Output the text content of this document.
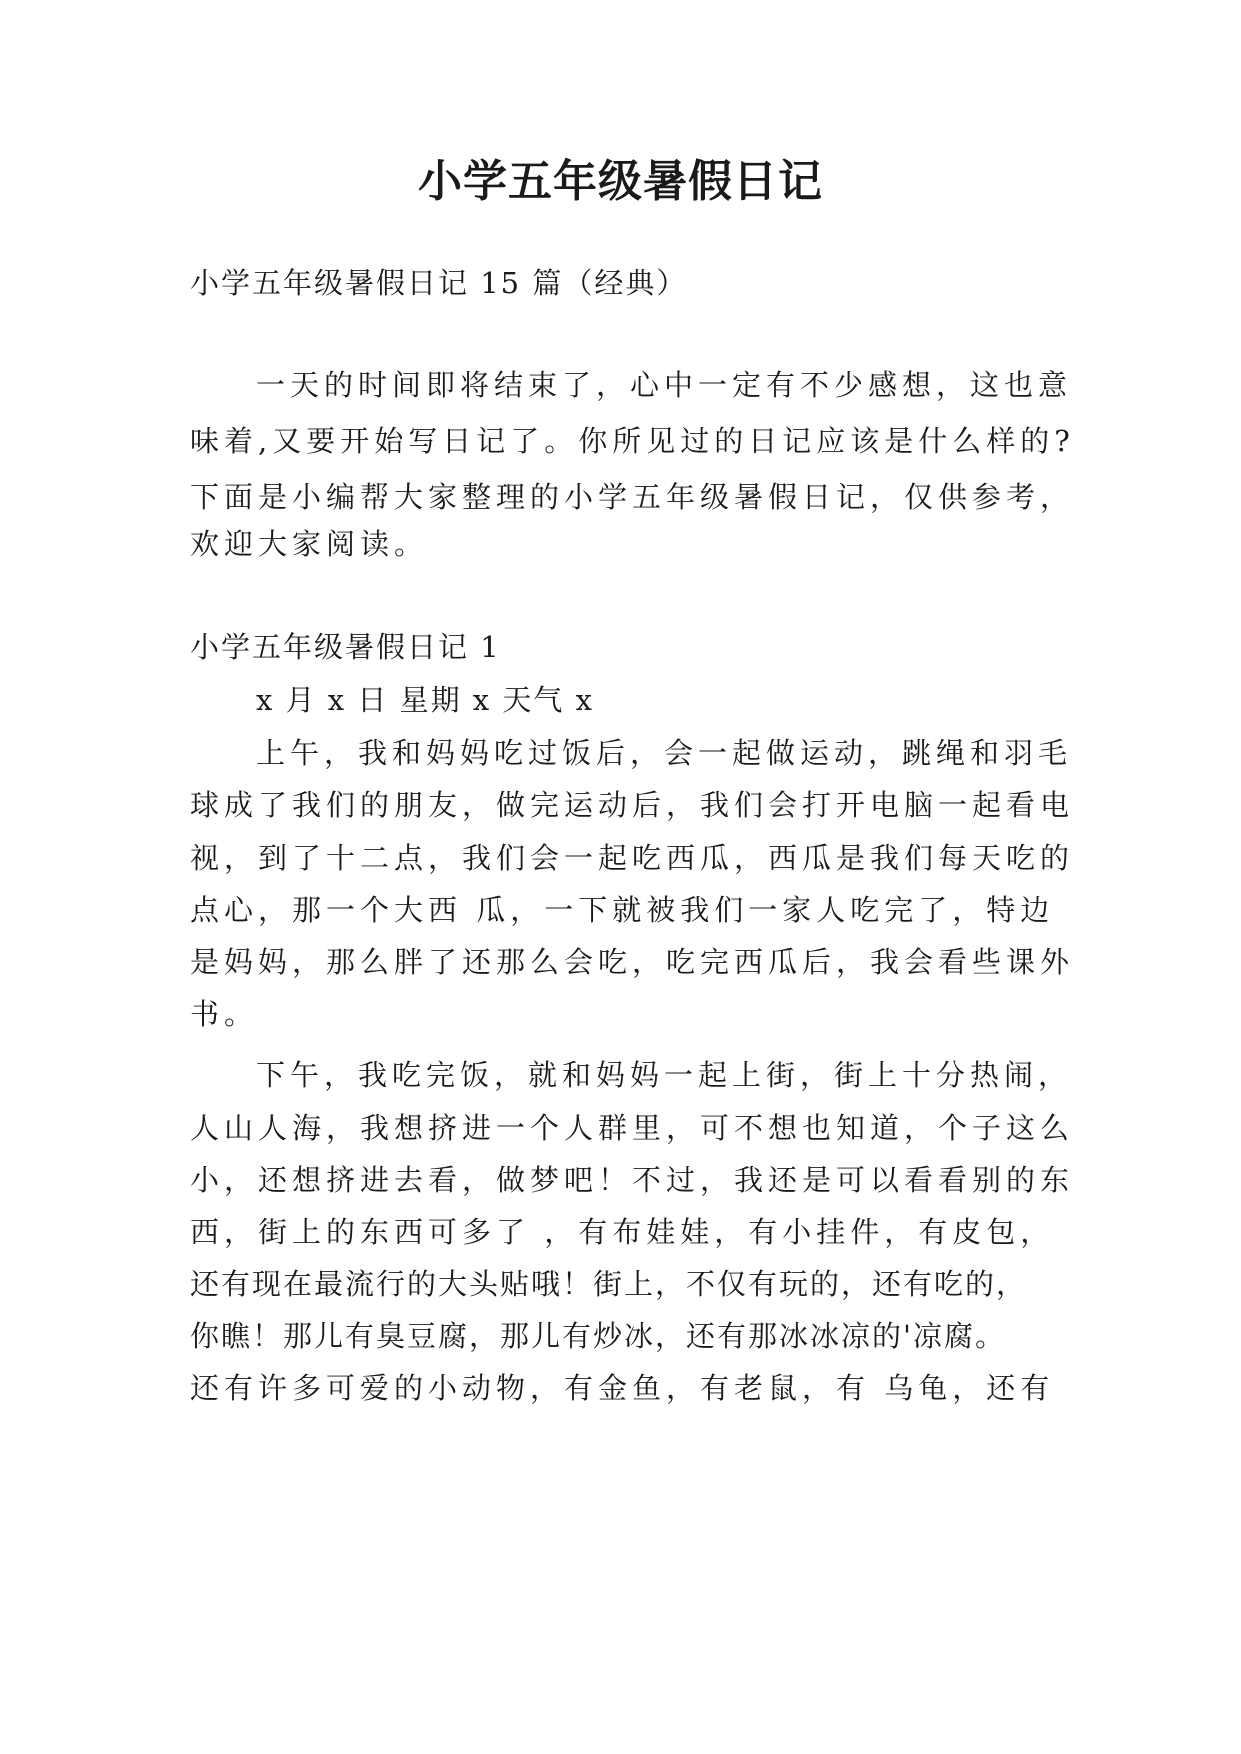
小学五年级暑假日记

小学五年级暑假日记 15 篇（经典）

一天的时间即将结束了，心中一定有不少感想，这也意

味着,又要开始写日记了。你所见过的日记应该是什么样的?

下面是小编帮大家整理的小学五年级暑假日记，仅供参考，

欢迎大家阅读。

小学五年级暑假日记 1

x 月 x 日 星期 x 天气 x

上午，我和妈妈吃过饭后，会一起做运动，跳绳和羽毛

球成了我们的朋友，做完运动后，我们会打开电脑一起看电

视，到了十二点，我们会一起吃西瓜，西瓜是我们每天吃的

点心，那一个大西 瓜，一下就被我们一家人吃完了，特边

是妈妈，那么胖了还那么会吃，吃完西瓜后，我会看些课外

书。

下午，我吃完饭，就和妈妈一起上街，街上十分热闹，

人山人海，我想挤进一个人群里，可不想也知道，个子这么

小，还想挤进去看，做梦吧！不过，我还是可以看看别的东

西，街上的东西可多了 ，有布娃娃，有小挂件，有皮包，

还有现在最流行的大头贴哦！街上，不仅有玩的，还有吃的，

你瞧！那儿有臭豆腐，那儿有炒冰，还有那冰冰凉的'凉腐。

还有许多可爱的小动物，有金鱼，有老鼠，有 乌龟，还有
